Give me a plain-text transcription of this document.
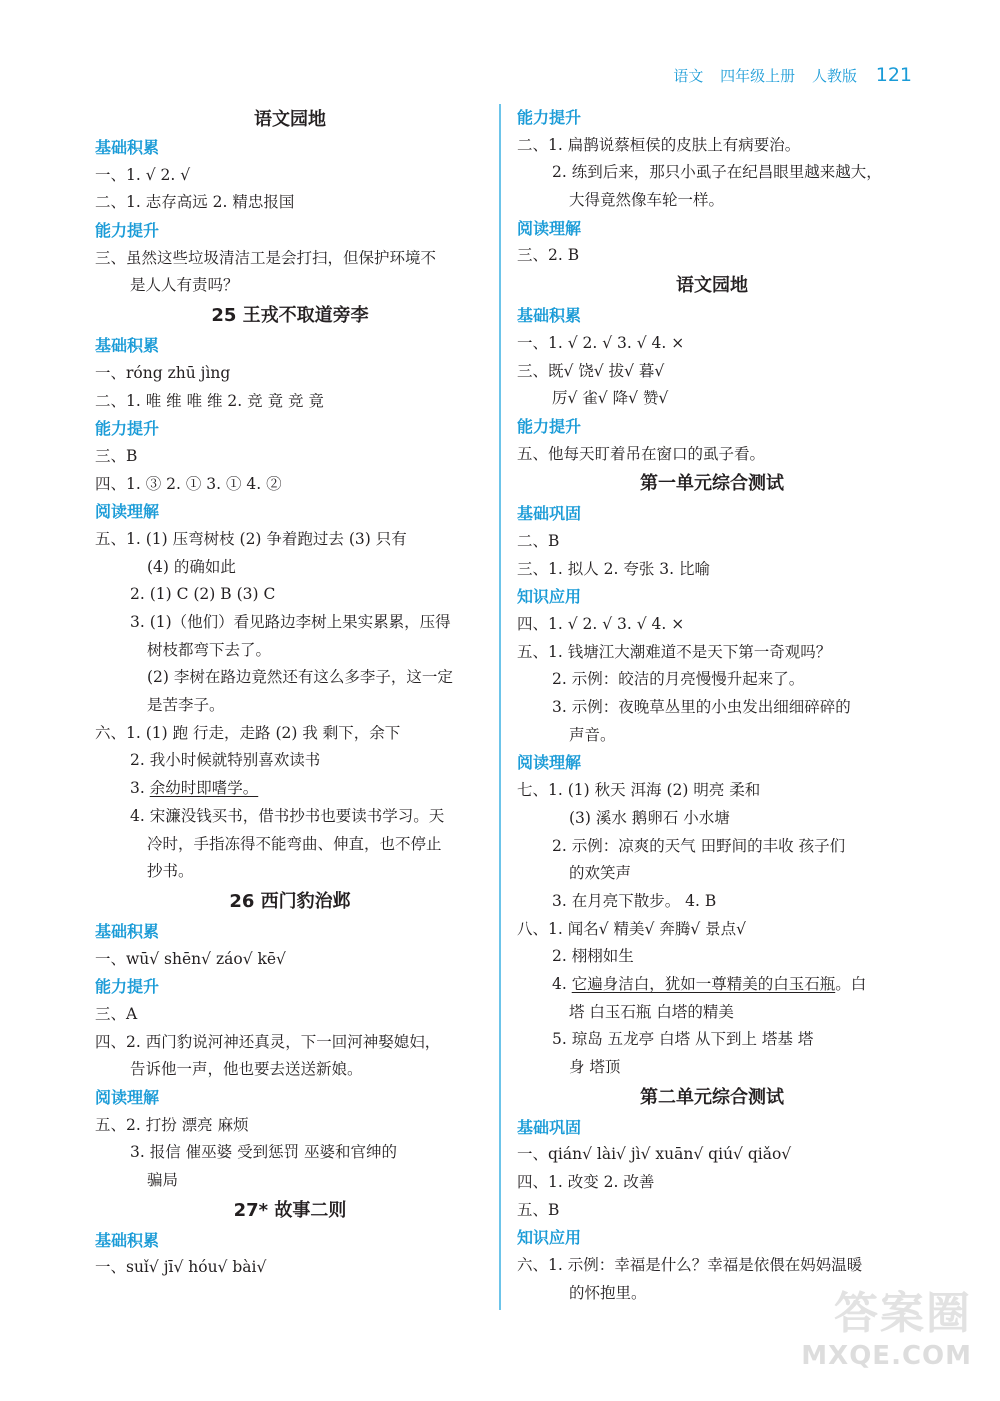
语文 四年级上册 人教版 121
语文园地
基础积累
一、1. √ 2. √
二、1. 志存高远 2. 精忠报国
能力提升
三、虽然这些垃圾清洁工是会打扫，但保护环境不
是人人有责吗？
25 王戎不取道旁李
基础积累
一、róng zhū jìng
二、1. 唯 维 唯 维 2. 竞 竟 竞 竟
能力提升
三、B
四、1. ③ 2. ① 3. ① 4. ②
阅读理解
五、1. (1) 压弯树枝 (2) 争着跑过去 (3) 只有
(4) 的确如此
2. (1) C (2) B (3) C
3. (1)（他们）看见路边李树上果实累累，压得
树枝都弯下去了。
(2) 李树在路边竟然还有这么多李子，这一定
是苦李子。
六、1. (1) 跑 行走，走路 (2) 我 剩下，余下
2. 我小时候就特别喜欢读书
3. 余幼时即嗜学。
4. 宋濂没钱买书，借书抄书也要读书学习。天
冷时，手指冻得不能弯曲、伸直，也不停止
抄书。
26 西门豹治邺
基础积累
一、wū√ shēn√ záo√ kē√
能力提升
三、A
四、2. 西门豹说河神还真灵，下一回河神娶媳妇，
告诉他一声，他也要去送送新娘。
阅读理解
五、2. 打扮 漂亮 麻烦
3. 报信 催巫婆 受到惩罚 巫婆和官绅的
骗局
27* 故事二则
基础积累
一、suǐ√ jī√ hóu√ bài√
能力提升
二、1. 扁鹊说蔡桓侯的皮肤上有病要治。
2. 练到后来，那只小虱子在纪昌眼里越来越大，
大得竟然像车轮一样。
阅读理解
三、2. B
语文园地
基础积累
一、1. √ 2. √ 3. √ 4. ×
三、既√ 饶√ 拔√ 暮√
厉√ 雀√ 降√ 赞√
能力提升
五、他每天盯着吊在窗口的虱子看。
第一单元综合测试
基础巩固
二、B
三、1. 拟人 2. 夸张 3. 比喻
知识应用
四、1. √ 2. √ 3. √ 4. ×
五、1. 钱塘江大潮难道不是天下第一奇观吗？
2. 示例：皎洁的月亮慢慢升起来了。
3. 示例：夜晚草丛里的小虫发出细细碎碎的
声音。
阅读理解
七、1. (1) 秋天 洱海 (2) 明亮 柔和
(3) 溪水 鹅卵石 小水塘
2. 示例：凉爽的天气 田野间的丰收 孩子们
的欢笑声
3. 在月亮下散步。 4. B
八、1. 闻名√ 精美√ 奔腾√ 景点√
2. 栩栩如生
4. 它遍身洁白，犹如一尊精美的白玉石瓶。白
塔 白玉石瓶 白塔的精美
5. 琼岛 五龙亭 白塔 从下到上 塔基 塔
身 塔顶
第二单元综合测试
基础巩固
一、qián√ lài√ jì√ xuān√ qiú√ qiǎo√
四、1. 改变 2. 改善
五、B
知识应用
六、1. 示例：幸福是什么？幸福是依偎在妈妈温暖
的怀抱里。	答案圈
MXQE.COM
